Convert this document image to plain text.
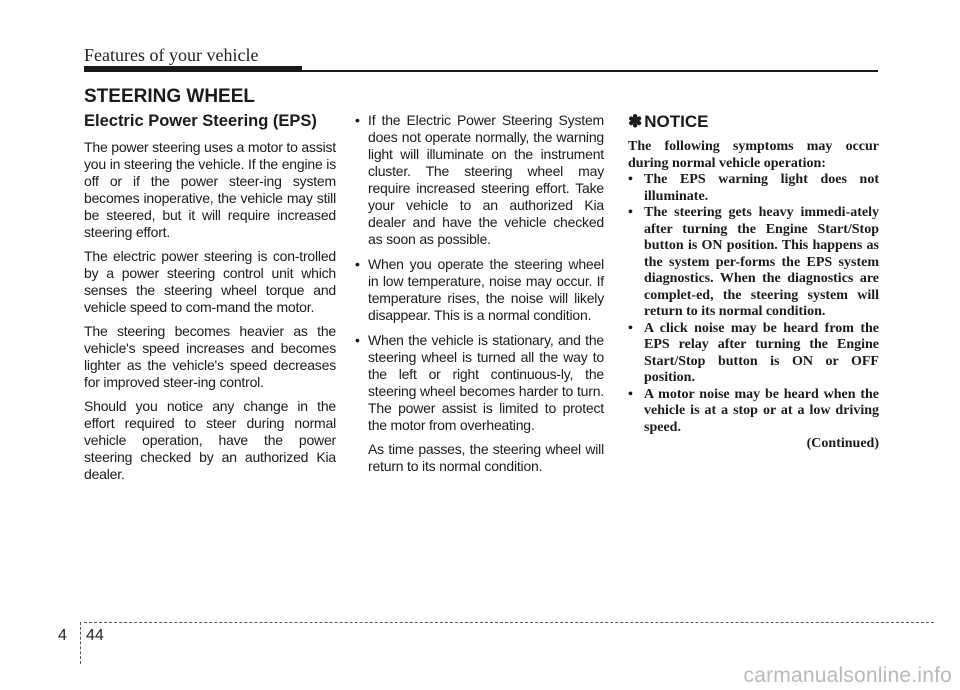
Features of your vehicle
STEERING WHEEL
Electric Power Steering (EPS)

The power steering uses a motor to assist you in steering the vehicle. If the engine is off or if the power steer-ing system becomes inoperative, the vehicle may still be steered, but it will require increased steering effort.

The electric power steering is con-trolled by a power steering control unit which senses the steering wheel torque and vehicle speed to com-mand the motor.

The steering becomes heavier as the vehicle's speed increases and becomes lighter as the vehicle's speed decreases for improved steer-ing control.

Should you notice any change in the effort required to steer during normal vehicle operation, have the power steering checked by an authorized Kia dealer.

• If the Electric Power Steering System does not operate normally, the warning light will illuminate on the instrument cluster. The steering wheel may require increased steering effort. Take your vehicle to an authorized Kia dealer and have the vehicle checked as soon as possible.
• When you operate the steering wheel in low temperature, noise may occur. If temperature rises, the noise will likely disappear. This is a normal condition.
• When the vehicle is stationary, and the steering wheel is turned all the way to the left or right continuous-ly, the steering wheel becomes harder to turn. The power assist is limited to protect the motor from overheating.
As time passes, the steering wheel will return to its normal condition.
✽ NOTICE

The following symptoms may occur during normal vehicle operation:

• The EPS warning light does not illuminate.
• The steering gets heavy immedi-ately after turning the Engine Start/Stop button is ON position. This happens as the system per-forms the EPS system diagnostics. When the diagnostics are complet-ed, the steering system will return to its normal condition.
• A click noise may be heard from the EPS relay after turning the Engine Start/Stop button is ON or OFF position.
• A motor noise may be heard when the vehicle is at a stop or at a low driving speed.
(Continued)
4 44
carmanualsonline.info
